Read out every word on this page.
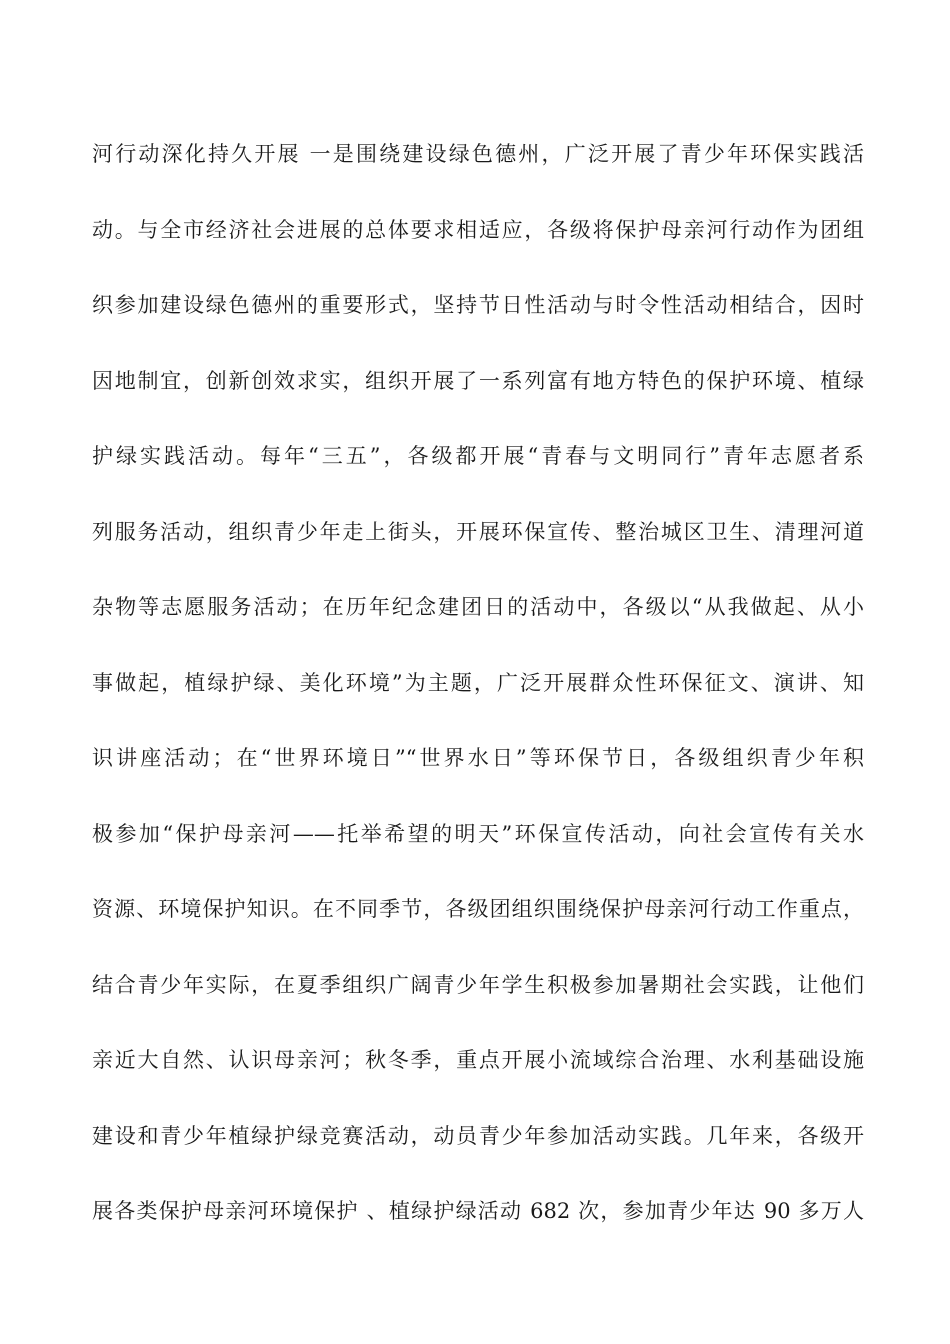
河行动深化持久开展 一是围绕建设绿色德州，广泛开展了青少年环保实践活
动。与全市经济社会进展的总体要求相适应，各级将保护母亲河行动作为团组
织参加建设绿色德州的重要形式，坚持节日性活动与时令性活动相结合，因时
因地制宜，创新创效求实，组织开展了一系列富有地方特色的保护环境、植绿
护绿实践活动。每年“三五”，各级都开展“青春与文明同行”青年志愿者系
列服务活动，组织青少年走上街头，开展环保宣传、整治城区卫生、清理河道
杂物等志愿服务活动；在历年纪念建团日的活动中，各级以“从我做起、从小
事做起，植绿护绿、美化环境”为主题，广泛开展群众性环保征文、演讲、知
识讲座活动；在“世界环境日”“世界水日”等环保节日，各级组织青少年积
极参加“保护母亲河——托举希望的明天”环保宣传活动，向社会宣传有关水
资源、环境保护知识。在不同季节，各级团组织围绕保护母亲河行动工作重点，
结合青少年实际，在夏季组织广阔青少年学生积极参加暑期社会实践，让他们
亲近大自然、认识母亲河；秋冬季，重点开展小流域综合治理、水利基础设施
建设和青少年植绿护绿竞赛活动，动员青少年参加活动实践。几年来，各级开
展各类保护母亲河环境保护 、植绿护绿活动 682 次，参加青少年达 90 多万人
